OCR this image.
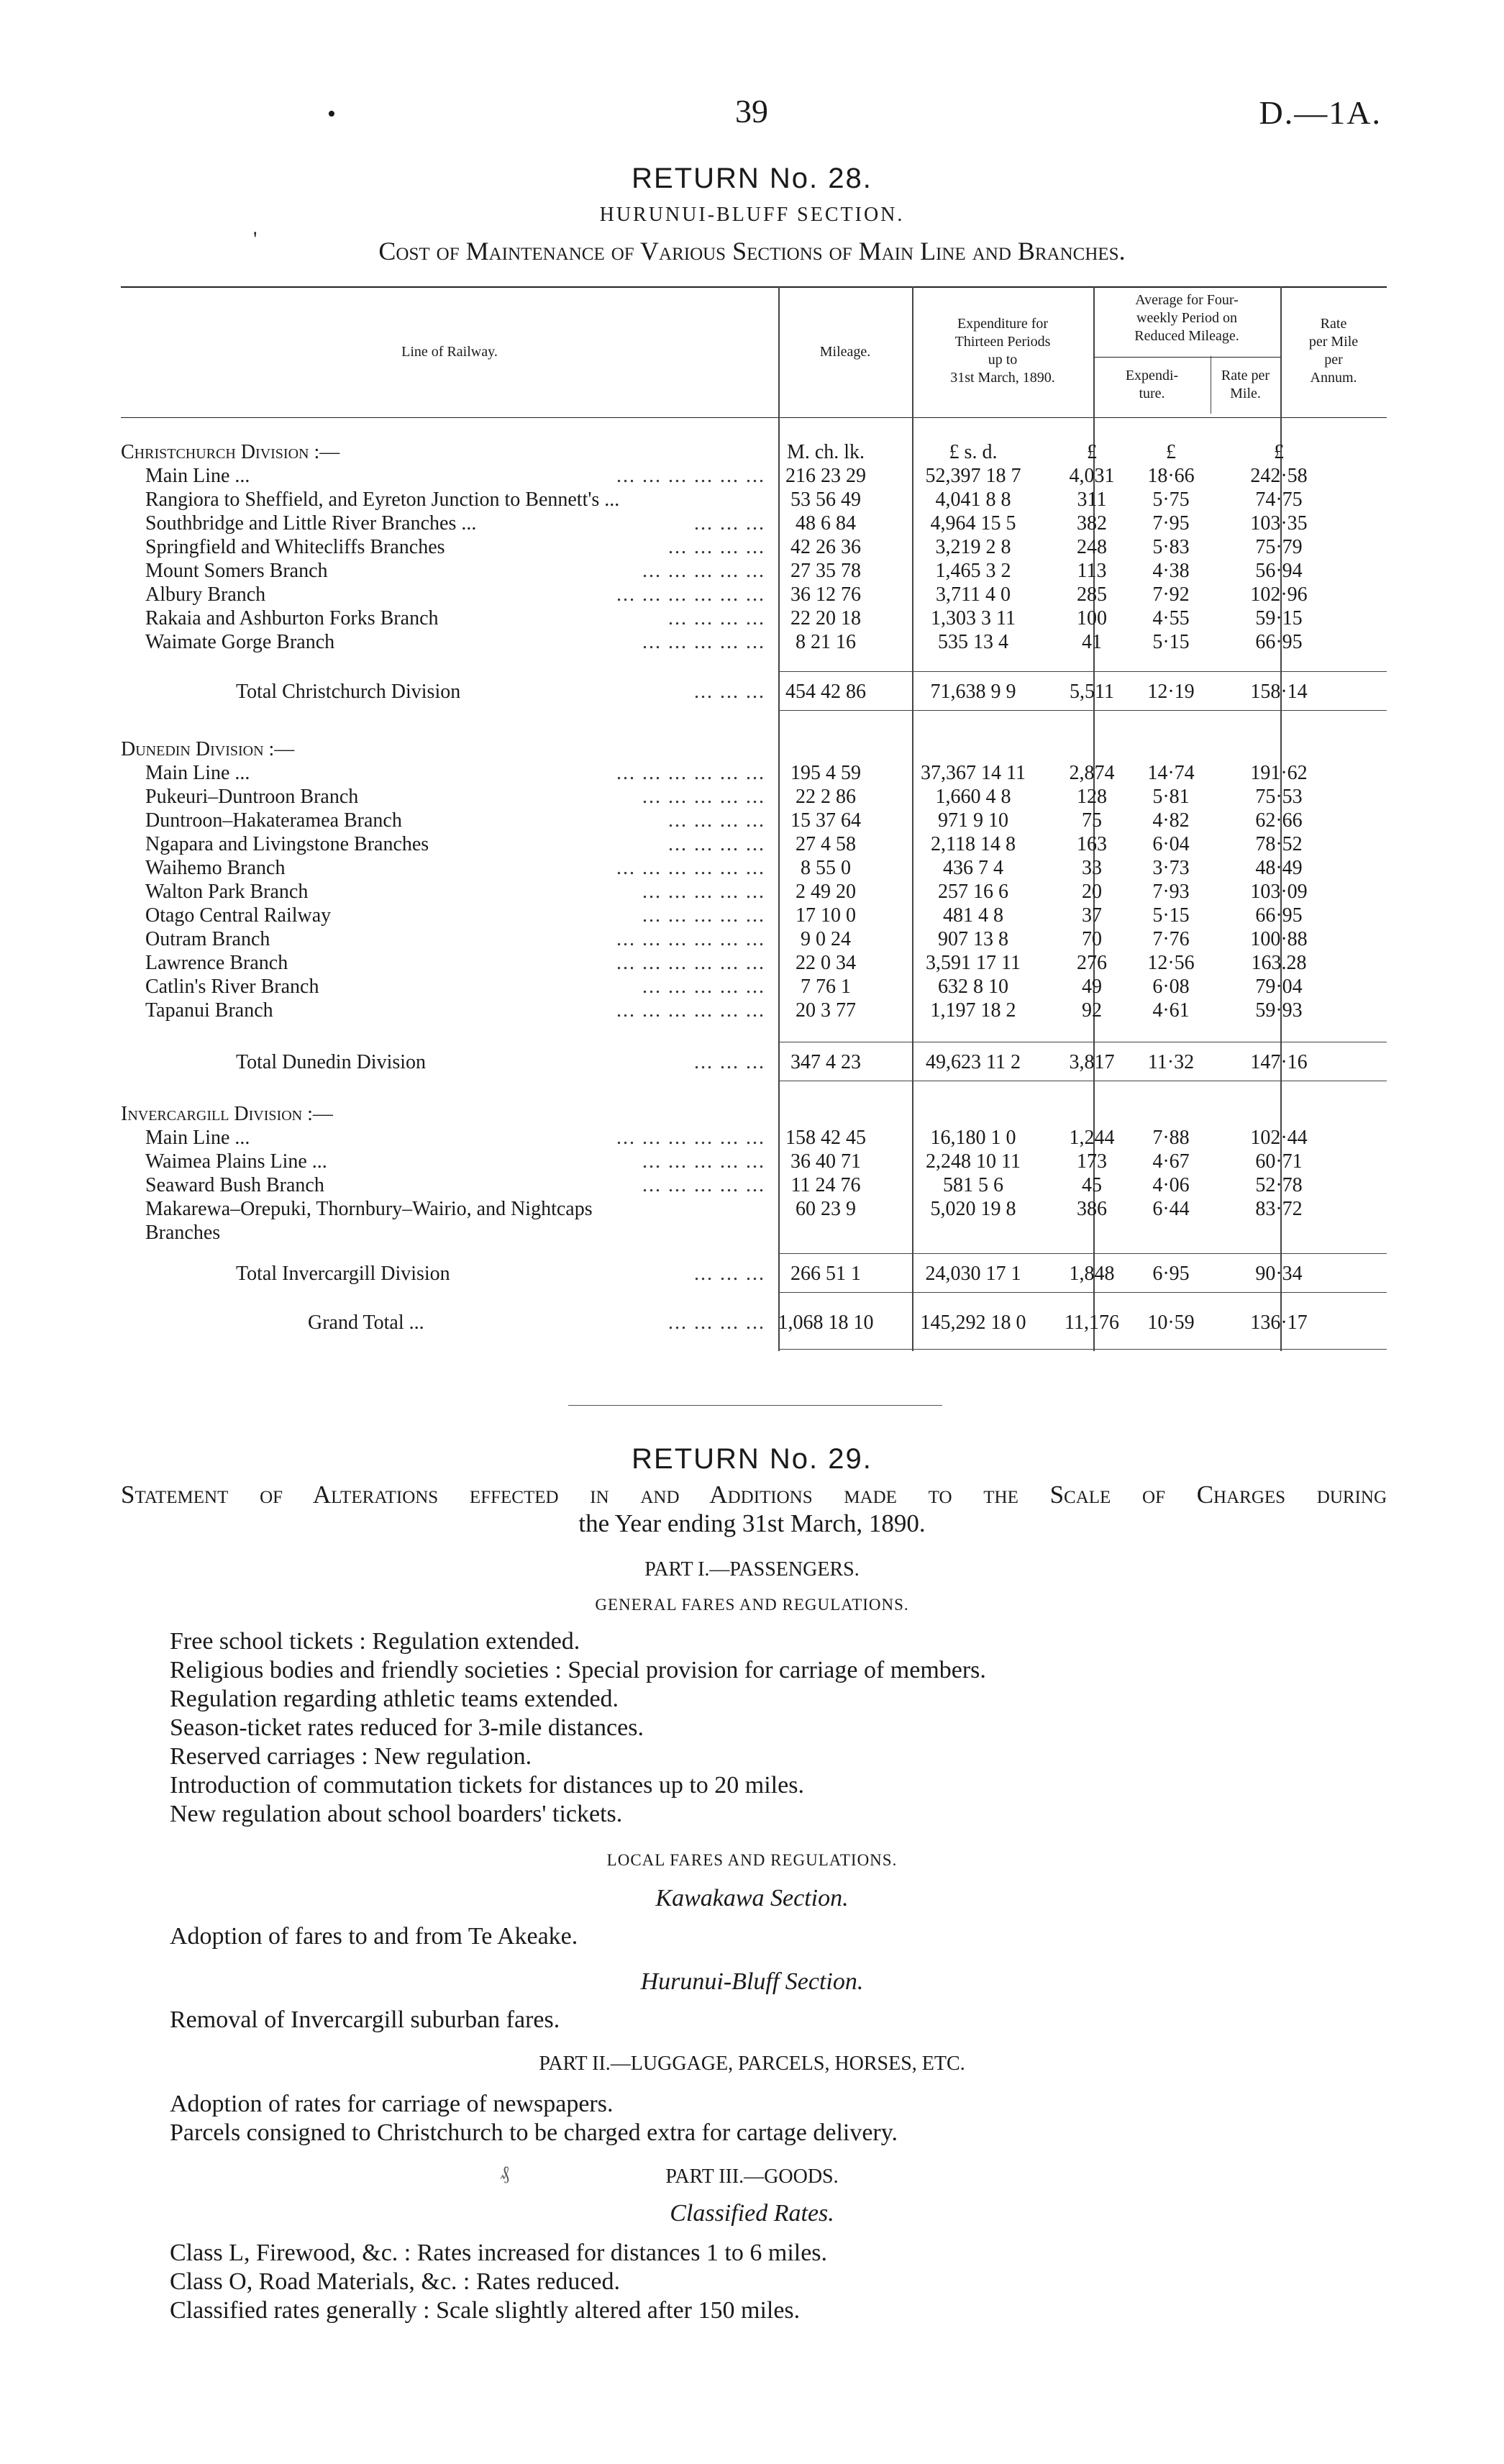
•	39	D.—1A.
RETURN No. 28.
HURUNUI-BLUFF SECTION.
'	Cost of Maintenance of Various Sections of Main Line and Branches.
Line of Railway.	Mileage.
Expenditure for
Thirteen Periods
up to
31st March, 1890.
Average for Four-
weekly Period on
Reduced Mileage.
Expendi-
ture.
Rate per
Mile.
Rate
per Mile
per
Annum.
M. ch. lk.	£ s. d.	£	£	£
Christchurch Division :—
Main Line ...	... ... ... ... ... ...	216 23 29	52,397 18 7	4,031	18·66	242·58
Rangiora to Sheffield, and Eyreton Junction to Bennett's ...	53 56 49	4,041 8 8	311	5·75	74·75
Southbridge and Little River Branches ...	... ... ...	48 6 84	4,964 15 5	382	7·95	103·35
Springfield and Whitecliffs Branches	... ... ... ...	42 26 36	3,219 2 8	248	5·83	75·79
Mount Somers Branch	... ... ... ... ...	27 35 78	1,465 3 2	113	4·38	56·94
Albury Branch	... ... ... ... ... ...	36 12 76	3,711 4 0	285	7·92	102·96
Rakaia and Ashburton Forks Branch	... ... ... ...	22 20 18	1,303 3 11	100	4·55	59·15
Waimate Gorge Branch	... ... ... ... ...	8 21 16	535 13 4	41	5·15	66·95
Total Christchurch Division	... ... ...	454 42 86	71,638 9 9	5,511	12·19	158·14
Dunedin Division :—
Main Line ...	... ... ... ... ... ...	195 4 59	37,367 14 11	2,874	14·74	191·62
Pukeuri–Duntroon Branch	... ... ... ... ...	22 2 86	1,660 4 8	128	5·81	75·53
Duntroon–Hakateramea Branch	... ... ... ...	15 37 64	971 9 10	75	4·82	62·66
Ngapara and Livingstone Branches	... ... ... ...	27 4 58	2,118 14 8	163	6·04	78·52
Waihemo Branch	... ... ... ... ... ...	8 55 0	436 7 4	33	3·73	48·49
Walton Park Branch	... ... ... ... ...	2 49 20	257 16 6	20	7·93	103·09
Otago Central Railway	... ... ... ... ...	17 10 0	481 4 8	37	5·15	66·95
Outram Branch	... ... ... ... ... ...	9 0 24	907 13 8	70	7·76	100·88
Lawrence Branch	... ... ... ... ... ...	22 0 34	3,591 17 11	276	12·56	163.28
Catlin's River Branch	... ... ... ... ...	7 76 1	632 8 10	49	6·08	79·04
Tapanui Branch	... ... ... ... ... ...	20 3 77	1,197 18 2	92	4·61	59·93
Total Dunedin Division	... ... ...	347 4 23	49,623 11 2	3,817	11·32	147·16
Invercargill Division :—
Main Line ...	... ... ... ... ... ...	158 42 45	16,180 1 0	1,244	7·88	102·44
Waimea Plains Line ...	... ... ... ... ...	36 40 71	2,248 10 11	173	4·67	60·71
Seaward Bush Branch	... ... ... ... ...	11 24 76	581 5 6	45	4·06	52·78
Makarewa–Orepuki, Thornbury–Wairio, and Nightcaps	60 23 9	5,020 19 8	386	6·44	83·72
Branches
Total Invercargill Division	... ... ...	266 51 1	24,030 17 1	1,848	6·95	90·34
Grand Total ...	... ... ... ... 1,068 18 10	145,292 18 0	11,176	10·59	136·17
RETURN No. 29.
Statement of Alterations effected in and Additions made to the Scale of Charges during
the Year ending 31st March, 1890.
PART I.—PASSENGERS.
GENERAL FARES AND REGULATIONS.
Free school tickets : Regulation extended.
Religious bodies and friendly societies : Special provision for carriage of members.
Regulation regarding athletic teams extended.
Season-ticket rates reduced for 3-mile distances.
Reserved carriages : New regulation.
Introduction of commutation tickets for distances up to 20 miles.
New regulation about school boarders' tickets.
LOCAL FARES AND REGULATIONS.
Kawakawa Section.
Adoption of fares to and from Te Akeake.
Hurunui-Bluff Section.
Removal of Invercargill suburban fares.
PART II.—LUGGAGE, PARCELS, HORSES, ETC.
Adoption of rates for carriage of newspapers.
Parcels consigned to Christchurch to be charged extra for cartage delivery.
₰	PART III.—GOODS.
Classified Rates.
Class L, Firewood, &c. : Rates increased for distances 1 to 6 miles.
Class O, Road Materials, &c. : Rates reduced.
Classified rates generally : Scale slightly altered after 150 miles.
